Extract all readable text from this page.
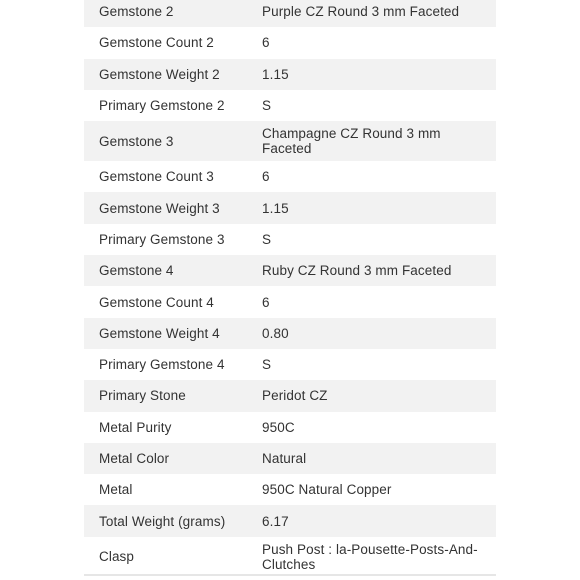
Gemstone 2	Purple CZ Round 3 mm Faceted
Gemstone Count 2	6
Gemstone Weight 2	1.15
Primary Gemstone 2	S
Gemstone 3	Champagne CZ Round 3 mm Faceted
Gemstone Count 3	6
Gemstone Weight 3	1.15
Primary Gemstone 3	S
Gemstone 4	Ruby CZ Round 3 mm Faceted
Gemstone Count 4	6
Gemstone Weight 4	0.80
Primary Gemstone 4	S
Primary Stone	Peridot CZ
Metal Purity	950C
Metal Color	Natural
Metal	950C Natural Copper
Total Weight (grams)	6.17
Clasp	Push Post : la-Pousette-Posts-And-Clutches
